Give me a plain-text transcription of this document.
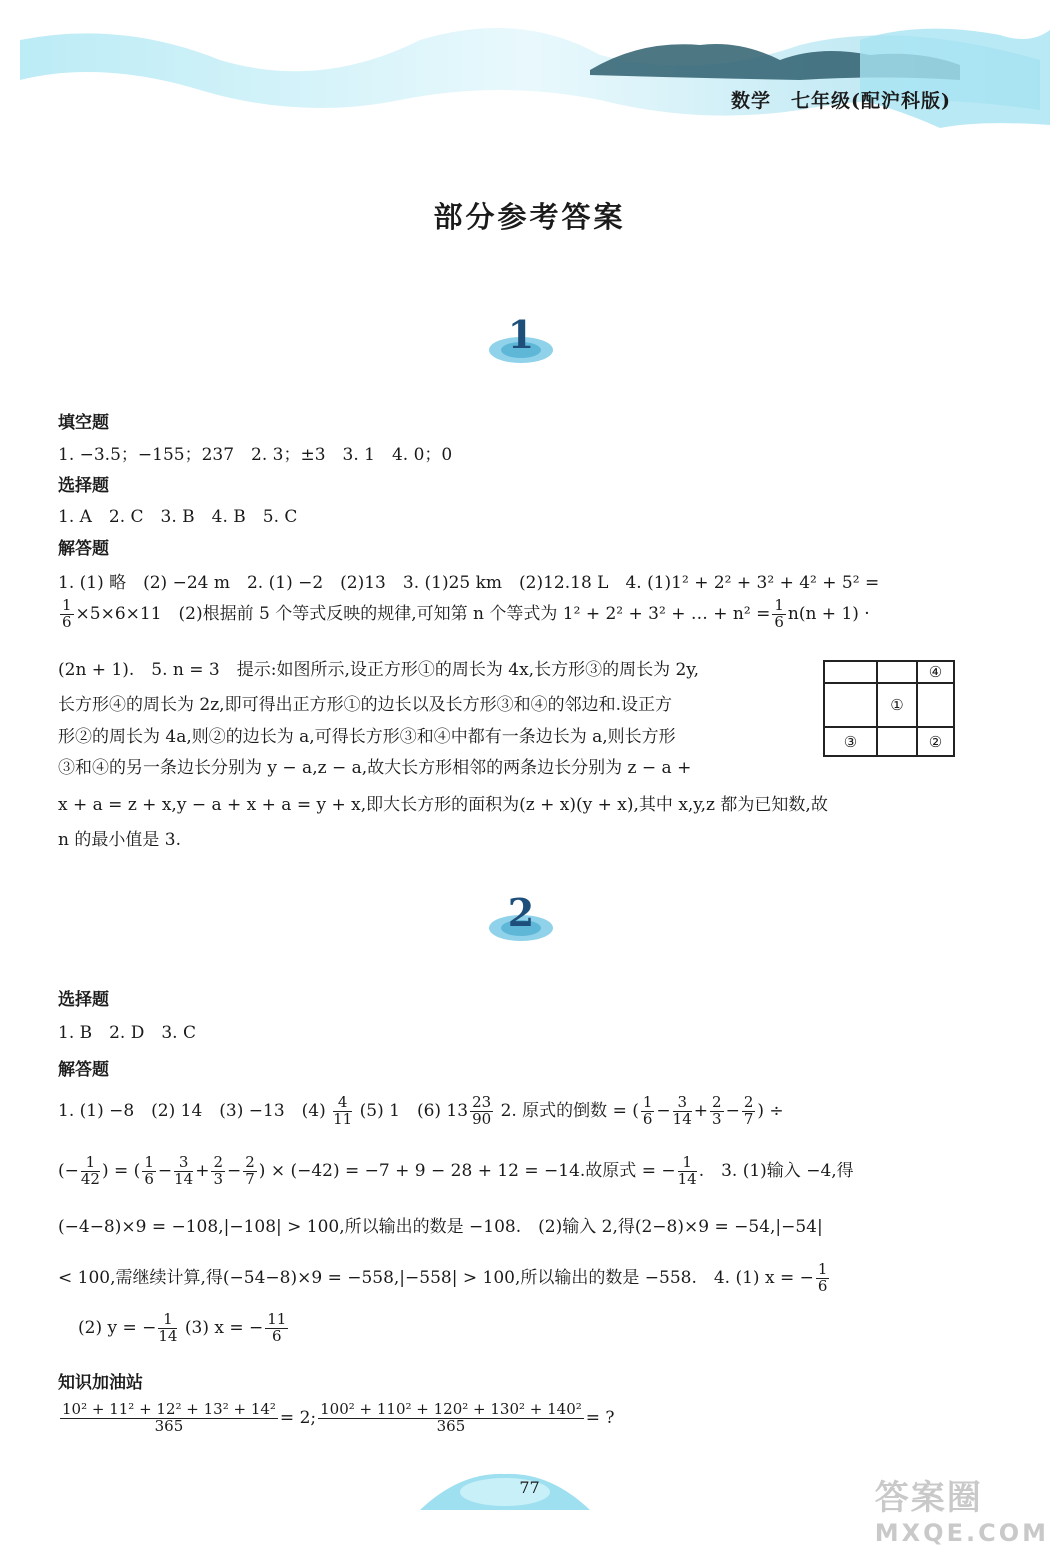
数学　七年级(配沪科版)
部分参考答案
1
填空题
1. −3.5；−155；237　2. 3；±3　3. 1　4. 0；0
选择题
1. A　2. C　3. B　4. B　5. C
解答题
1. (1) 略　(2) −24 m　2. (1) −2　(2)13　3. (1)25 km　(2)12.18 L　4. (1)1² + 2² + 3² + 4² + 5² =
$\frac{1}{6} \times 5\times 6\times 11$　(2)根据前 5 个等式反映的规律,可知第 n 个等式为 1² + 2² + 3² + … + $n^2 = \frac{1}{6} n(n + 1)$ ·
(2n + 1).　5. n = 3　提示:如图所示,设正方形①的周长为 4x,长方形③的周长为 2y,
长方形④的周长为 2z,即可得出正方形①的边长以及长方形③和④的邻边和.设正方
形②的周长为 4a,则②的边长为 a,可得长方形③和④中都有一条边长为 a,则长方形
③和④的另一条边长分别为 y − a,z − a,故大长方形相邻的两条边长分别为 z − a +
x + a = z + x,y − a + x + a = y + x,即大长方形的面积为(z + x)(y + x),其中 x,y,z 都为已知数,故
n 的最小值是 3.
④
①
③	②
2
选择题
1. B　2. D　3. C
解答题
1. (1) −8　(2) 14　(3) −13　$(4) \frac{4}{11} (5)$ 1　(6) $13 \frac{23}{90} 2$. 原式的倒数 = ( $\frac{1}{6} - \frac{3}{14} + \frac{2}{3} - \frac{2}{7}$ ) ÷
(− $\frac{1}{42}$ ) = ( $\frac{1}{6} - \frac{3}{14} + \frac{2}{3} - \frac{2}{7}$ ) × (−42) = −7 + 9 − 28 + 12 = −14.故原式 = − $\frac{1}{14}$ .　3. (1)输入 −4,得
(−4−8)×9 = −108,|−108| > 100,所以输出的数是 −108.　(2)输入 2,得(2−8)×9 = −54,|−54|
< 100,需继续计算,得(−54−8)×9 = −558,|−558| > 100,所以输出的数是 −558.　4. (1) x = − $\frac{1}{6}$
(2) y = − $\frac{1}{14} (3) x$ = − $\frac{11}{6}$
知识加油站
$\frac{\text{10² + 11² + 12² + 13² + 14²}}{365} = 2$; $\frac{\text{100² + 110² + 120² + 130² + 140²}}{365}$ = ?
77	答案圈
MXQE.COM
